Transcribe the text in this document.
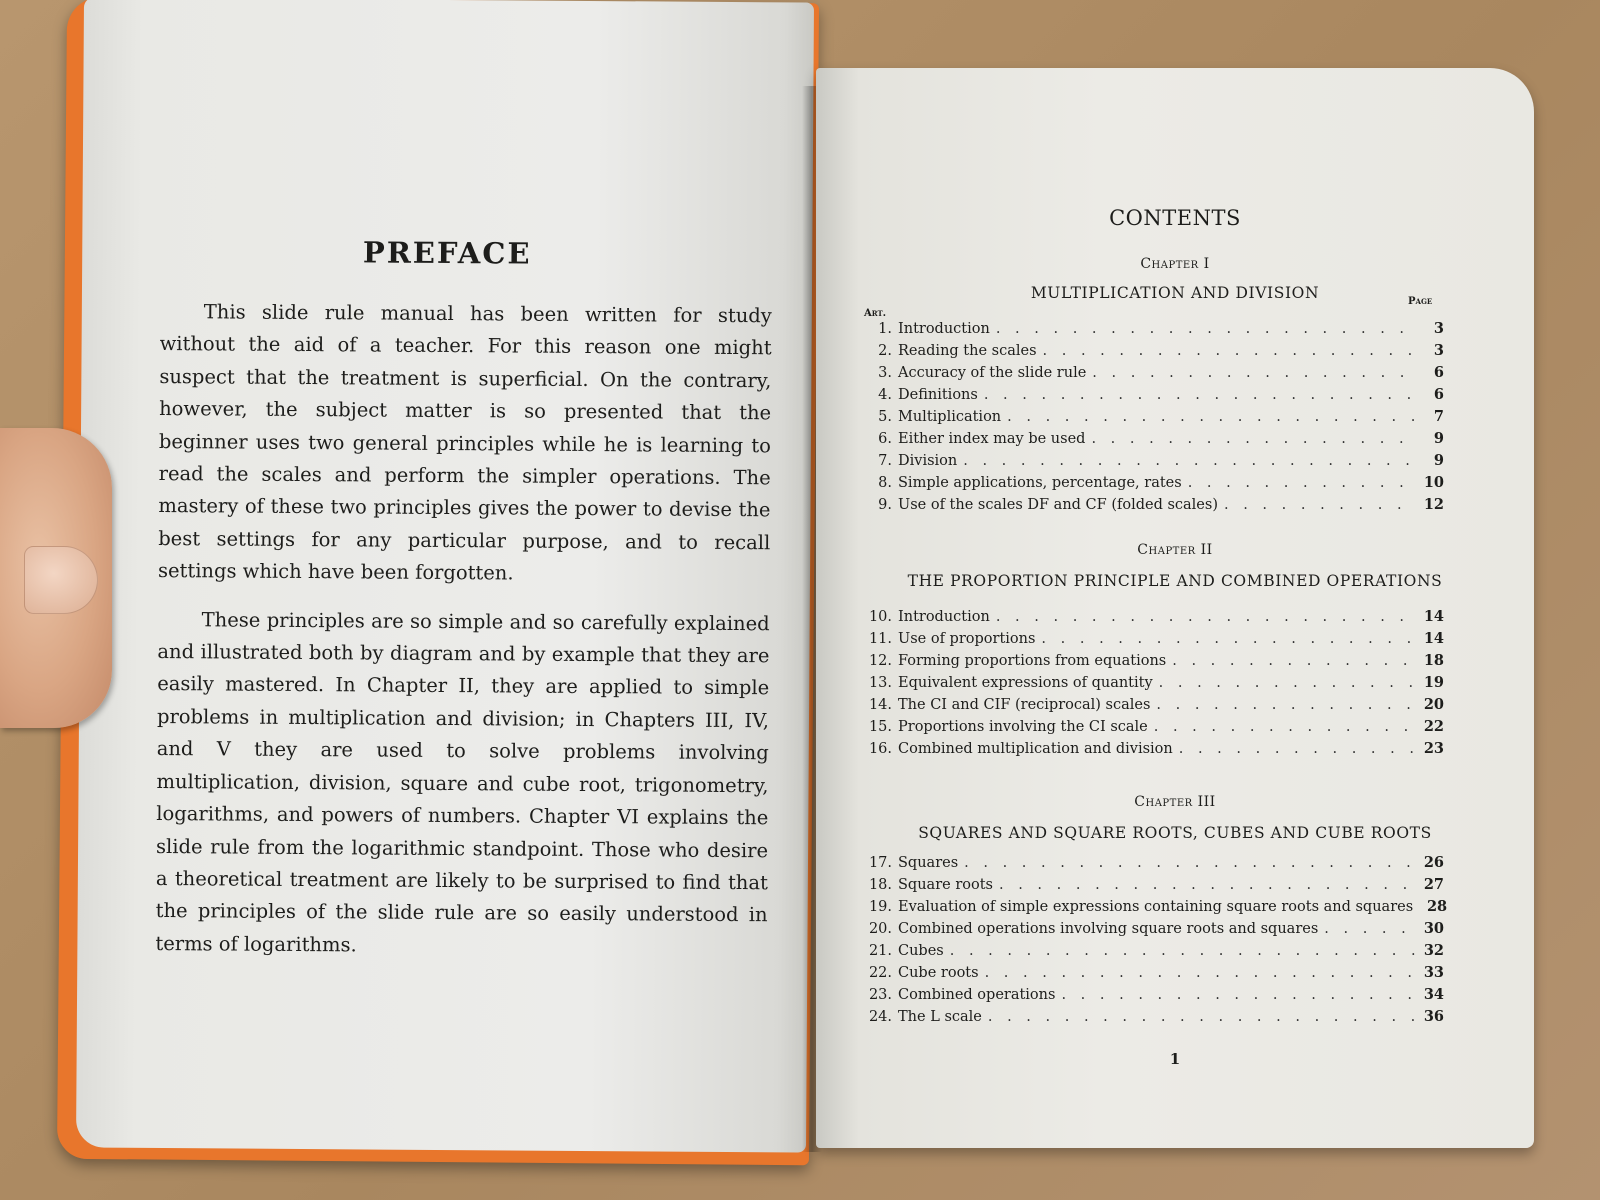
PREFACE

This slide rule manual has been written for study without the aid of a teacher. For this reason one might suspect that the treatment is superficial. On the contrary, however, the subject matter is so presented that the beginner uses two general principles while he is learning to read the scales and perform the simpler operations. The mastery of these two principles gives the power to devise the best settings for any particular purpose, and to recall settings which have been forgotten.

These principles are so simple and so carefully explained and illustrated both by diagram and by example that they are easily mastered. In Chapter II, they are applied to simple problems in multiplication and division; in Chapters III, IV, and V they are used to solve problems involving multiplication, division, square and cube root, trigonometry, logarithms, and powers of numbers. Chapter VI explains the slide rule from the logarithmic standpoint. Those who desire a theoretical treatment are likely to be surprised to find that the principles of the slide rule are so easily understood in terms of logarithms.

CONTENTS
Chapter I
MULTIPLICATION AND DIVISION
Art.
Page
1. Introduction . . .	3
2. Reading the scales . . .	3
3. Accuracy of the slide rule . . .	6
4. Definitions . . .	6
5. Multiplication . . .	7
6. Either index may be used . . .	9
7. Division . . .	9
8. Simple applications, percentage, rates . . .	10
9. Use of the scales DF and CF (folded scales) . . .	12
Chapter II
THE PROPORTION PRINCIPLE AND COMBINED OPERATIONS
10. Introduction . . .	14
11. Use of proportions . . .	14
12. Forming proportions from equations . . .	18
13. Equivalent expressions of quantity . . .	19
14. The CI and CIF (reciprocal) scales . . .	20
15. Proportions involving the CI scale . . .	22
16. Combined multiplication and division . . .	23
Chapter III
SQUARES AND SQUARE ROOTS, CUBES AND CUBE ROOTS
17. Squares . . .	26
18. Square roots . . .	27
19. Evaluation of simple expressions containing square roots and squares 28
20. Combined operations involving square roots and squares . . .	30
21. Cubes . . .	32
22. Cube roots . . .	33
23. Combined operations . . .	34
24. The L scale . . .	36
1
